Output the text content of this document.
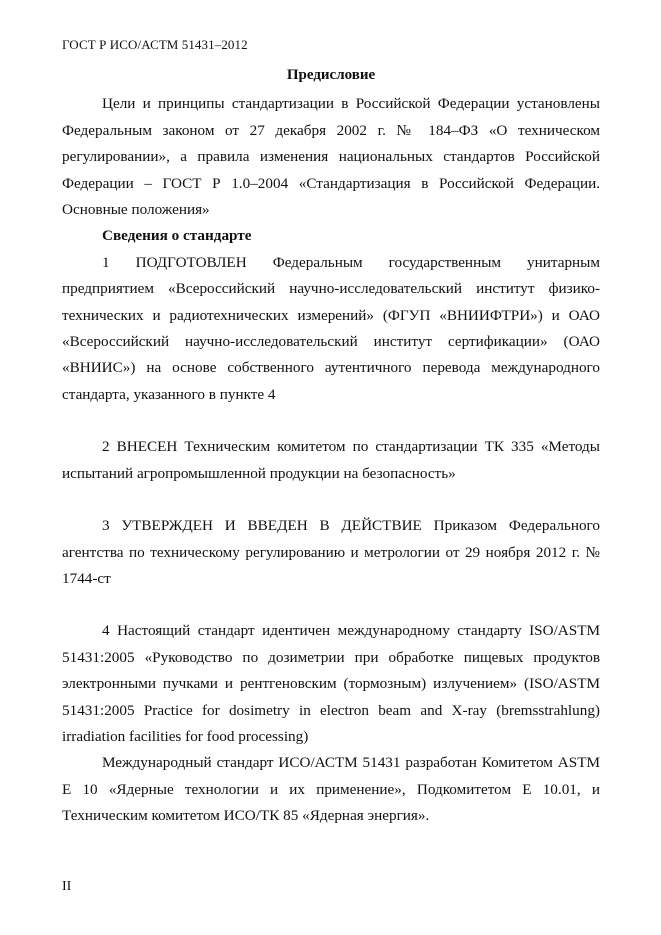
ГОСТ Р ИСО/АСТМ 51431–2012

Предисловие

Цели и принципы стандартизации в Российской Федерации установлены Федеральным законом от 27 декабря 2002 г. № 184–ФЗ «О техническом регулировании», а правила изменения национальных стандартов Российской Федерации – ГОСТ Р 1.0–2004 «Стандартизация в Российской Федерации. Основные положения»

Сведения о стандарте

1 ПОДГОТОВЛЕН Федеральным государственным унитарным предприятием «Всероссийский научно-исследовательский институт физико-технических и радиотехнических измерений» (ФГУП «ВНИИФТРИ») и ОАО «Всероссийский научно-исследовательский институт сертификации» (ОАО «ВНИИС») на основе собственного аутентичного перевода международного стандарта, указанного в пункте 4

2 ВНЕСЕН Техническим комитетом по стандартизации ТК 335 «Методы испытаний агропромышленной продукции на безопасность»

3 УТВЕРЖДЕН И ВВЕДЕН В ДЕЙСТВИЕ Приказом Федерального агентства по техническому регулированию и метрологии от 29 ноября 2012 г. № 1744-ст

4 Настоящий стандарт идентичен международному стандарту ISO/ASTM 51431:2005 «Руководство по дозиметрии при обработке пищевых продуктов электронными пучками и рентгеновским (тормозным) излучением» (ISO/ASTM 51431:2005 Practice for dosimetry in electron beam and X-ray (bremsstrahlung) irradiation facilities for food processing)

Международный стандарт ИСО/АСТМ 51431 разработан Комитетом ASTM E 10 «Ядерные технологии и их применение», Подкомитетом E 10.01, и Техническим комитетом ИСО/ТК 85 «Ядерная энергия».

II
